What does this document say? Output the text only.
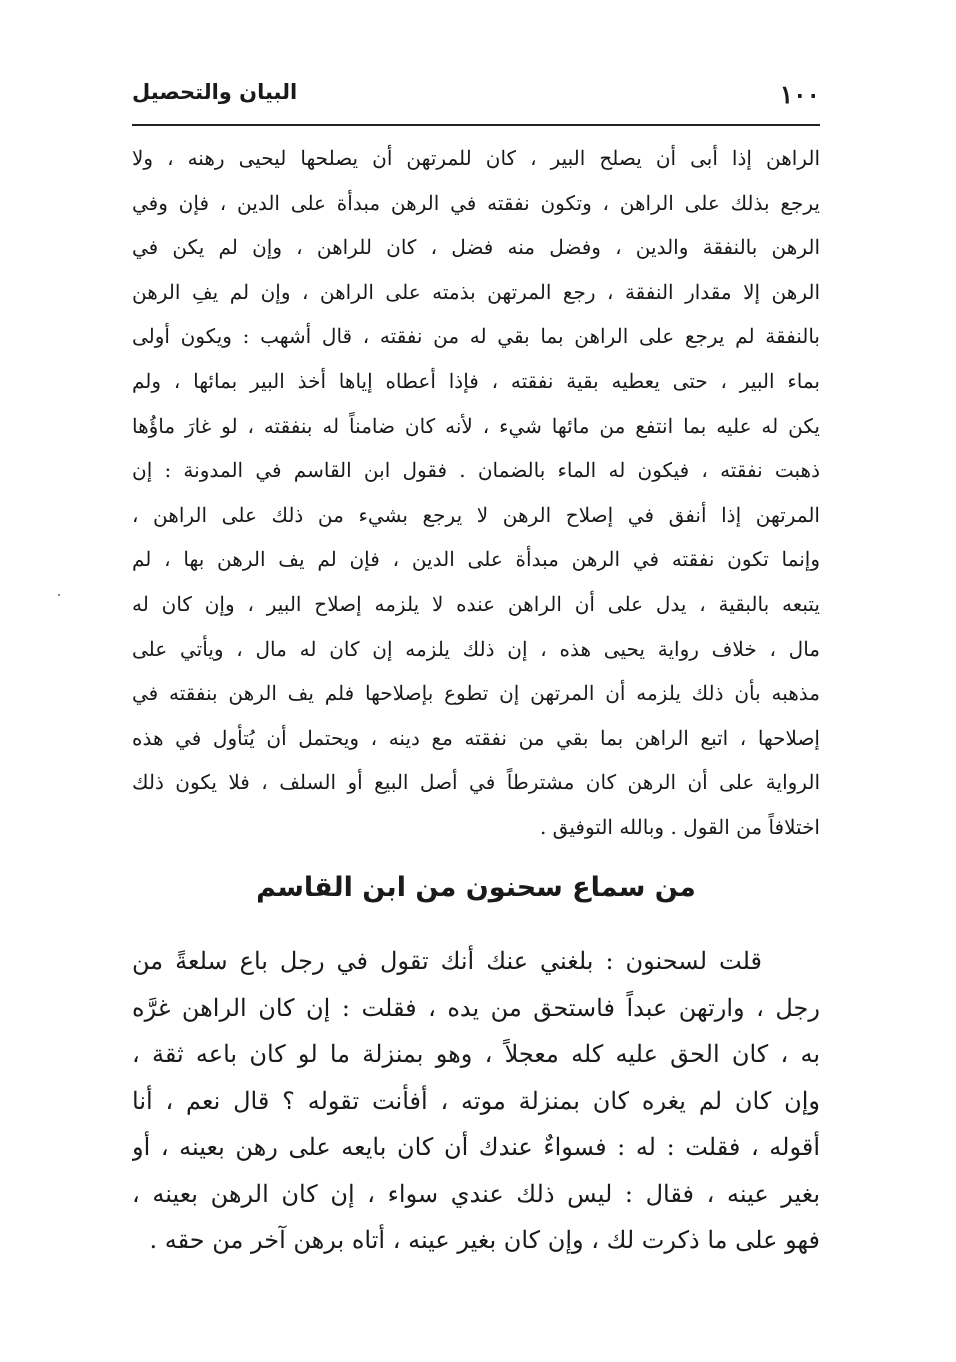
١٠٠
البيان والتحصيل
الراهن إذا أبى أن يصلح البير ، كان للمرتهن أن يصلحها ليحيى رهنه ، ولا
يرجع بذلك على الراهن ، وتكون نفقته في الرهن مبدأة على الدين ، فإن وفي
الرهن بالنفقة والدين ، وفضل منه فضل ، كان للراهن ، وإن لم يكن في
الرهن إلا مقدار النفقة ، رجع المرتهن بذمته على الراهن ، وإن لم يفِ الرهن
بالنفقة لم يرجع على الراهن بما بقي له من نفقته ، قال أشهب : ويكون أولى
بماء البير ، حتى يعطيه بقية نفقته ، فإذا أعطاه إياها أخذ البير بمائها ، ولم
يكن له عليه بما انتفع من مائها شيء ، لأنه كان ضامناً له بنفقته ، لو غارَ ماؤُها
ذهبت نفقته ، فيكون له الماء بالضمان . فقول ابن القاسم في المدونة : إن
المرتهن إذا أنفق في إصلاح الرهن لا يرجع بشيء من ذلك على الراهن ،
وإنما تكون نفقته في الرهن مبدأة على الدين ، فإن لم يف الرهن بها ، لم
يتبعه بالبقية ، يدل على أن الراهن عنده لا يلزمه إصلاح البير ، وإن كان له
مال ، خلاف رواية يحيى هذه ، إن ذلك يلزمه إن كان له مال ، ويأتي على
مذهبه بأن ذلك يلزمه أن المرتهن إن تطوع بإصلاحها فلم يف الرهن بنفقته في
إصلاحها ، اتبع الراهن بما بقي من نفقته مع دينه ، ويحتمل أن يُتأول في هذه
الرواية على أن الرهن كان مشترطاً في أصل البيع أو السلف ، فلا يكون ذلك
اختلافاً من القول . وبالله التوفيق .
من سماع سحنون من ابن القاسم
قلت لسحنون : بلغني عنك أنك تقول في رجل باع سلعةً من
رجل ، وارتهن عبداً فاستحق من يده ، فقلت : إن كان الراهن غرَّه
به ، كان الحق عليه كله معجلاً ، وهو بمنزلة ما لو كان باعه ثقة ،
وإن كان لم يغره كان بمنزلة موته ، أفأنت تقوله ؟ قال نعم ، أنا
أقوله ، فقلت : له : فسواءٌ عندك أن كان بايعه على رهن بعينه ، أو
بغير عينه ، فقال : ليس ذلك عندي سواء ، إن كان الرهن بعينه ،
فهو على ما ذكرت لك ، وإن كان بغير عينه ، أتاه برهن آخر من حقه .
